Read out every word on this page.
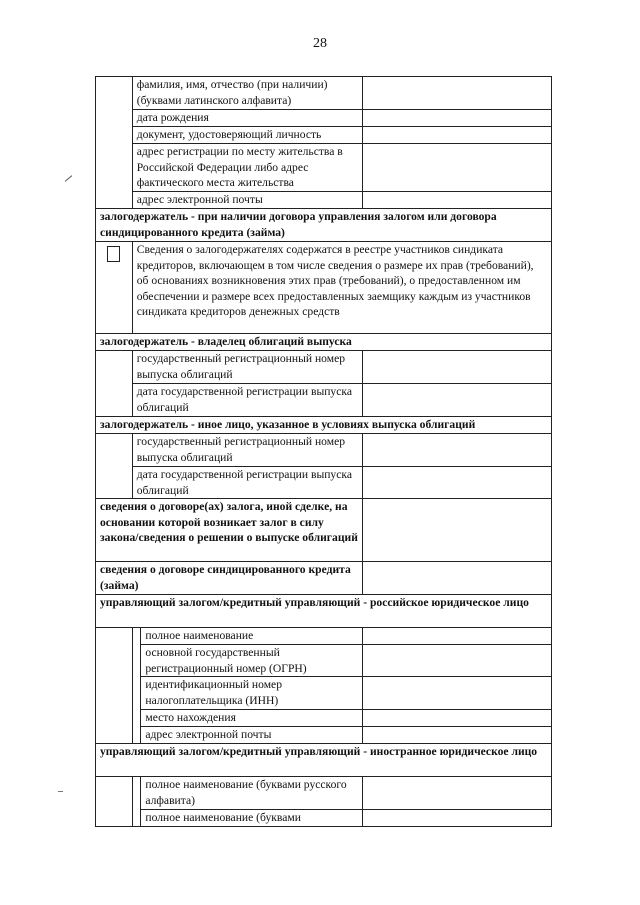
28
	фамилия, имя, отчество (при наличии) (буквами латинского алфавита)		
	дата рождения		
	документ, удостоверяющий личность		
	адрес регистрации по месту жительства в Российской Федерации либо адрес фактического места жительства		
	адрес электронной почты		
залогодержатель - при наличии договора управления залогом или договора синдицированного кредита (займа)			

	Сведения о залогодержателях содержатся в реестре участников синдиката кредиторов, включающем в том числе сведения о размере их прав (требований), об основаниях возникновения этих прав (требований), о предоставленном им обеспечении и размере всех предоставленных заемщику каждым из участников синдиката кредиторов денежных средств		
залогодержатель - владелец облигаций выпуска			
	государственный регистрационный номер выпуска облигаций		
	дата государственной регистрации выпуска облигаций		
залогодержатель - иное лицо, указанное в условиях выпуска облигаций			
	государственный регистрационный номер выпуска облигаций		
	дата государственной регистрации выпуска облигаций		
сведения о договоре(ах) залога, иной сделке, на основании которой возникает залог в силу закона/сведения о решении о выпуске облигаций			
сведения о договоре синдицированного кредита (займа)			
управляющий залогом/кредитный управляющий - российское юридическое лицо			
		полное наименование	
		основной государственный регистрационный номер (ОГРН)	
		идентификационный номер налогоплательщика (ИНН)	
		место нахождения	
		адрес электронной почты	
управляющий залогом/кредитный управляющий - иностранное юридическое лицо			
		полное наименование (буквами русского алфавита)	
		полное наименование (буквами	
